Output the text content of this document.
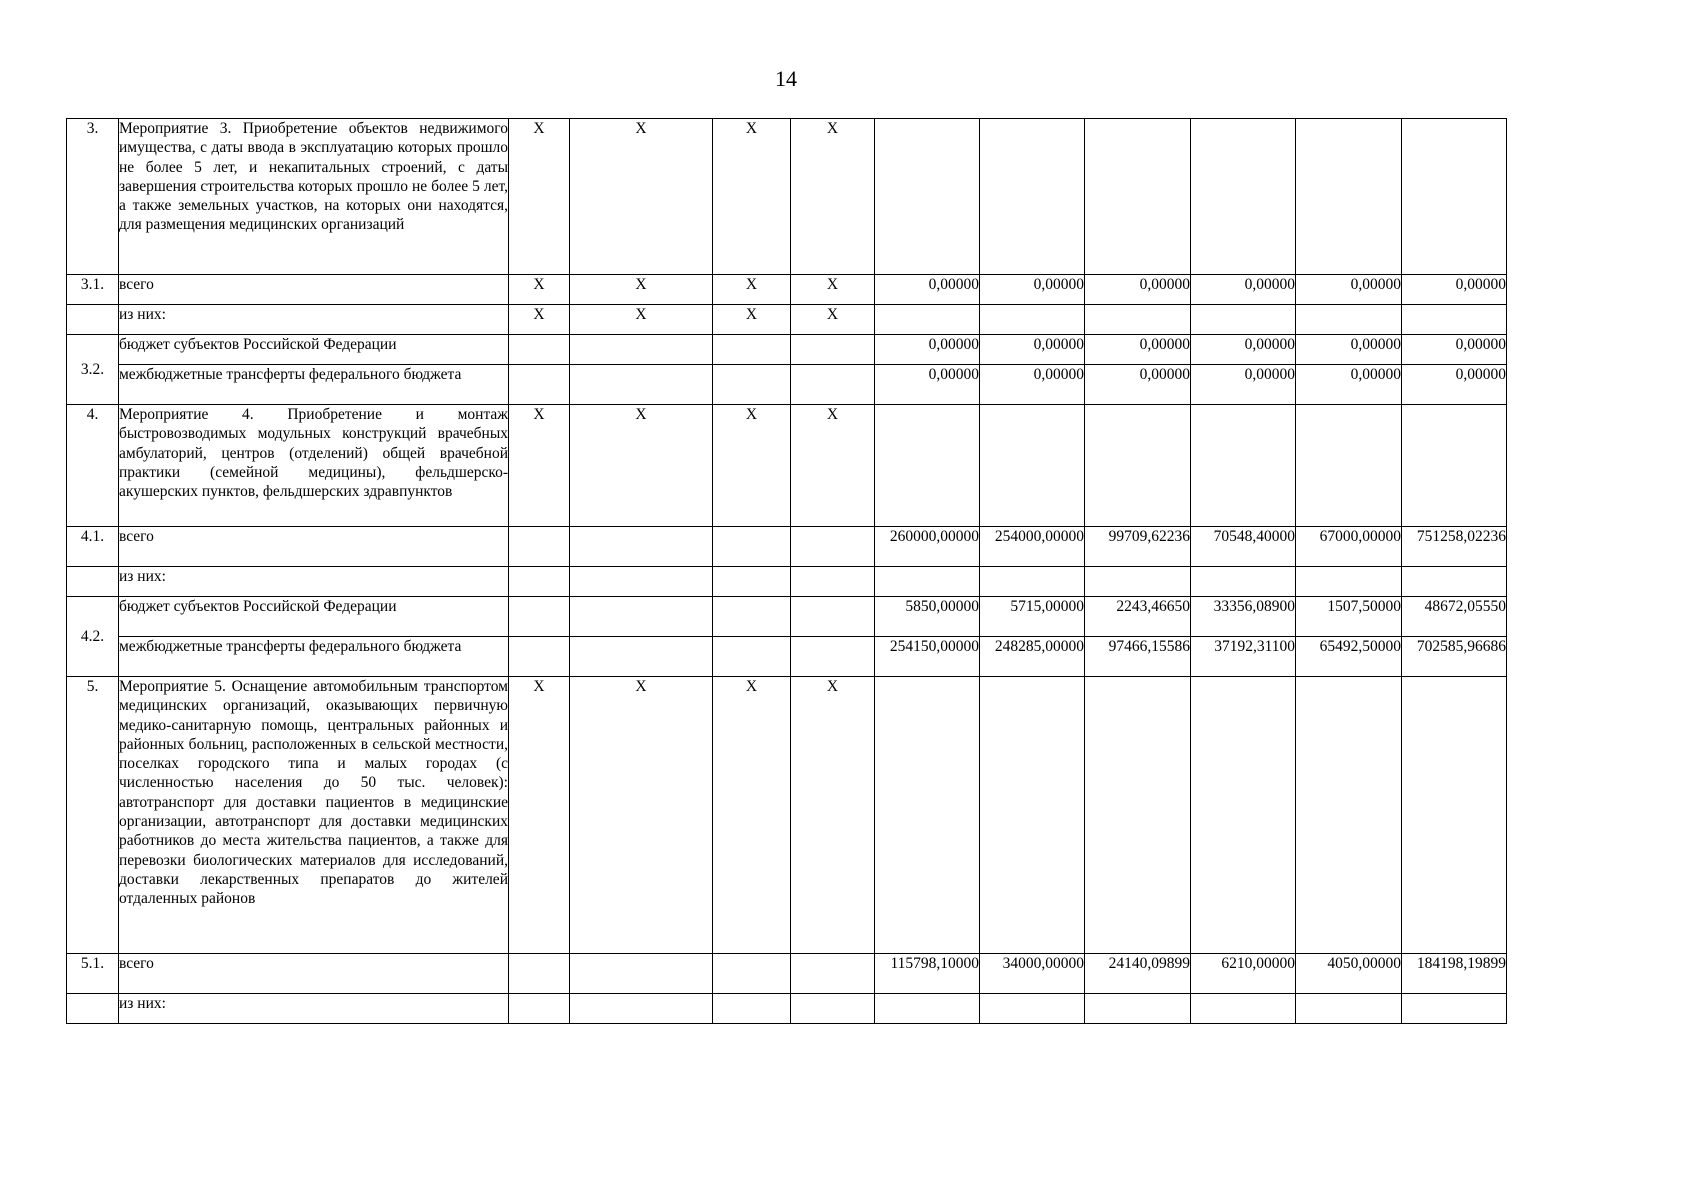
14
3.	Мероприятие 3. Приобретение объектов недвижимого имущества, с даты ввода в эксплуатацию которых прошло не более 5 лет, и некапитальных строений, с даты завершения строительства которых прошло не более 5 лет, а также земельных участков, на которых они находятся, для размещения медицинских организаций	X	X	X	X						
3.1.	всего	X	X	X	X	0,00000	0,00000	0,00000	0,00000	0,00000	0,00000
	из них:	X	X	X	X						
3.2.	бюджет субъектов Российской Федерации					0,00000	0,00000	0,00000	0,00000	0,00000	0,00000
	межбюджетные трансферты федерального бюджета					0,00000	0,00000	0,00000	0,00000	0,00000	0,00000
4.	Мероприятие 4. Приобретение и монтаж быстровозводимых модульных конструкций врачебных амбулаторий, центров (отделений) общей врачебной практики (семейной медицины), фельдшерско-акушерских пунктов, фельдшерских здравпунктов	X	X	X	X						
4.1.	всего					260000,00000	254000,00000	99709,62236	70548,40000	67000,00000	751258,02236
	из них:										
4.2.	бюджет субъектов Российской Федерации					5850,00000	5715,00000	2243,46650	33356,08900	1507,50000	48672,05550
	межбюджетные трансферты федерального бюджета					254150,00000	248285,00000	97466,15586	37192,31100	65492,50000	702585,96686
5.	Мероприятие 5. Оснащение автомобильным транспортом медицинских организаций, оказывающих первичную медико-санитарную помощь, центральных районных и районных больниц, расположенных в сельской местности, поселках городского типа и малых городах (с численностью населения до 50 тыс. человек): автотранспорт для доставки пациентов в медицинские организации, автотранспорт для доставки медицинских работников до места жительства пациентов, а также для перевозки биологических материалов для исследований, доставки лекарственных препаратов до жителей отдаленных районов	X	X	X	X						
5.1.	всего					115798,10000	34000,00000	24140,09899	6210,00000	4050,00000	184198,19899
	из них:										
